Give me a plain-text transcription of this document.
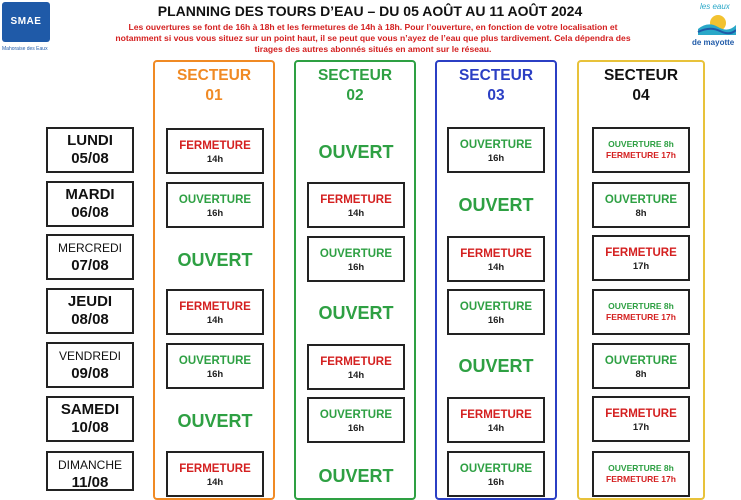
SMAE
Mahoraise des Eaux
PLANNING DES TOURS D’EAU – DU 05 AOÛT AU 11 AOÛT 2024
Les ouvertures se font de 16h à 18h et les fermetures de 14h à 18h. Pour l’ouverture, en fonction de votre localisation et
notamment si vous vous situez sur un point haut, il se peut que vous n’ayez de l’eau que plus tardivement. Cela dépendra des
tirages des autres abonnés situés en amont sur le réseau.
les eaux
de mayotte
SECTEUR
01
SECTEUR
02
SECTEUR
03
SECTEUR
04
LUNDI
05/08
MARDI
06/08
MERCREDI
07/08
JEUDI
08/08
VENDREDI
09/08
SAMEDI
10/08
DIMANCHE
11/08
FERMETURE
14h
OUVERTURE
16h
OUVERT
FERMETURE
14h
OUVERTURE
16h
OUVERT
FERMETURE
14h
OUVERT
FERMETURE
14h
OUVERTURE
16h
OUVERT
FERMETURE
14h
OUVERTURE
16h
OUVERT
OUVERTURE
16h
OUVERT
FERMETURE
14h
OUVERTURE
16h
OUVERT
FERMETURE
14h
OUVERTURE
16h
OUVERTURE 8h
FERMETURE 17h
OUVERTURE
8h
FERMETURE
17h
OUVERTURE 8h
FERMETURE 17h
OUVERTURE
8h
FERMETURE
17h
OUVERTURE 8h
FERMETURE 17h
